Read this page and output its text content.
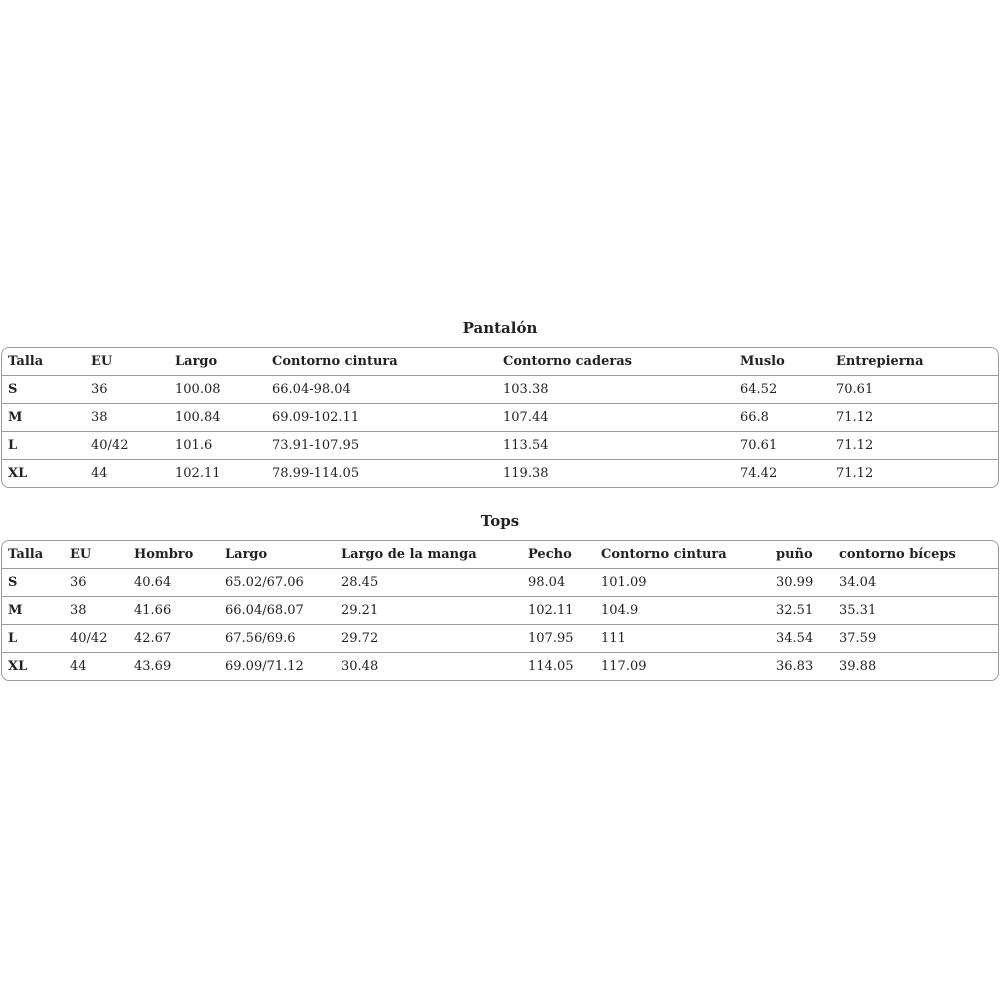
Pantalón
Talla	EU	Largo	Contorno cintura	Contorno caderas	Muslo	Entrepierna
S	36	100.08	66.04-98.04	103.38	64.52	70.61
M	38	100.84	69.09-102.11	107.44	66.8	71.12
L	40/42	101.6	73.91-107.95	113.54	70.61	71.12
XL	44	102.11	78.99-114.05	119.38	74.42	71.12
Tops
Talla	EU	Hombro	Largo	Largo de la manga	Pecho	Contorno cintura	puño	contorno bíceps
S	36	40.64	65.02/67.06	28.45	98.04	101.09	30.99	34.04
M	38	41.66	66.04/68.07	29.21	102.11	104.9	32.51	35.31
L	40/42	42.67	67.56/69.6	29.72	107.95	111	34.54	37.59
XL	44	43.69	69.09/71.12	30.48	114.05	117.09	36.83	39.88
